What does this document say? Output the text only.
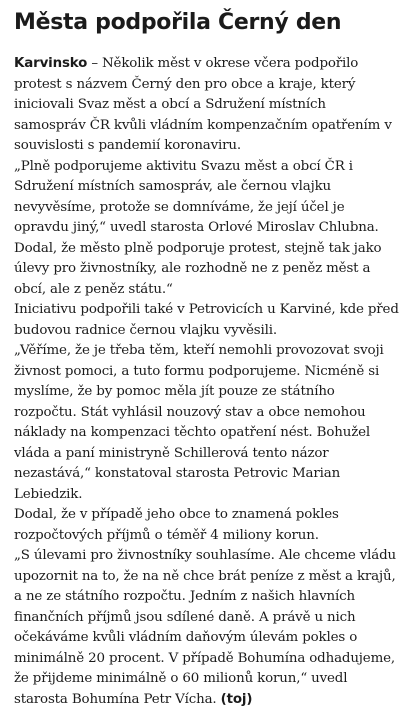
Města podpořila Černý den

Karvinsko – Několik měst v okrese včera podpořilo protest s názvem Černý den pro obce a kraje, který iniciovali Svaz měst a obcí a Sdružení místních samospráv ČR kvůli vládním kompenzačním opatřením v souvislosti s pandemií koronaviru.

„Plně podporujeme aktivitu Svazu měst a obcí ČR i Sdružení místních samospráv, ale černou vlajku nevyvěsíme, protože se domníváme, že její účel je opravdu jiný,“ uvedl starosta Orlové Miroslav Chlubna.

Dodal, že město plně podporuje protest, stejně tak jako úlevy pro živnostníky, ale rozhodně ne z peněz měst a obcí, ale z peněz státu.“

Iniciativu podpořili také v Petrovicích u Karviné, kde před budovou radnice černou vlajku vyvěsili.

„Věříme, že je třeba těm, kteří nemohli provozovat svoji živnost pomoci, a tuto formu podporujeme. Nicméně si myslíme, že by pomoc měla jít pouze ze státního rozpočtu. Stát vyhlásil nouzový stav a obce nemohou náklady na kompenzaci těchto opatření nést. Bohužel vláda a paní ministryně Schillerová tento názor nezastává,“ konstatoval starosta Petrovic Marian Lebiedzik.

Dodal, že v případě jeho obce to znamená pokles rozpočtových příjmů o téměř 4 miliony korun.

„S úlevami pro živnostníky souhlasíme. Ale chceme vládu upozornit na to, že na ně chce brát peníze z měst a krajů, a ne ze státního rozpočtu. Jedním z našich hlavních finančních příjmů jsou sdílené daně. A právě u nich očekáváme kvůli vládním daňovým úlevám pokles o minimálně 20 procent. V případě Bohumína odhadujeme, že přijdeme minimálně o 60 milionů korun,“ uvedl starosta Bohumína Petr Vícha. (toj)
